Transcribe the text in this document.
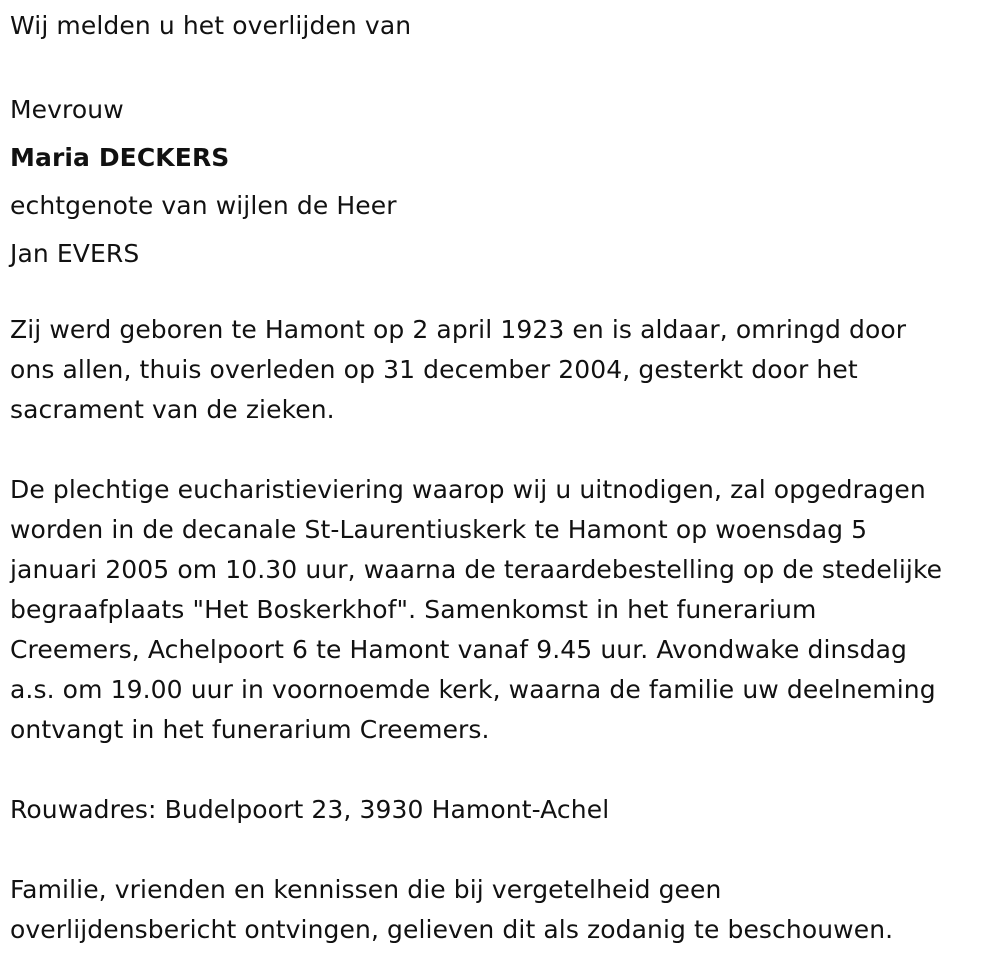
Wij melden u het overlijden van
Mevrouw
Maria DECKERS
echtgenote van wijlen de Heer
Jan EVERS
Zij werd geboren te Hamont op 2 april 1923 en is aldaar, omringd door
ons allen, thuis overleden op 31 december 2004, gesterkt door het
sacrament van de zieken.
De plechtige eucharistieviering waarop wij u uitnodigen, zal opgedragen
worden in de decanale St-Laurentiuskerk te Hamont op woensdag 5
januari 2005 om 10.30 uur, waarna de teraardebestelling op de stedelijke
begraafplaats "Het Boskerkhof". Samenkomst in het funerarium
Creemers, Achelpoort 6 te Hamont vanaf 9.45 uur. Avondwake dinsdag
a.s. om 19.00 uur in voornoemde kerk, waarna de familie uw deelneming
ontvangt in het funerarium Creemers.
Rouwadres: Budelpoort 23, 3930 Hamont-Achel
Familie, vrienden en kennissen die bij vergetelheid geen
overlijdensbericht ontvingen, gelieven dit als zodanig te beschouwen.
